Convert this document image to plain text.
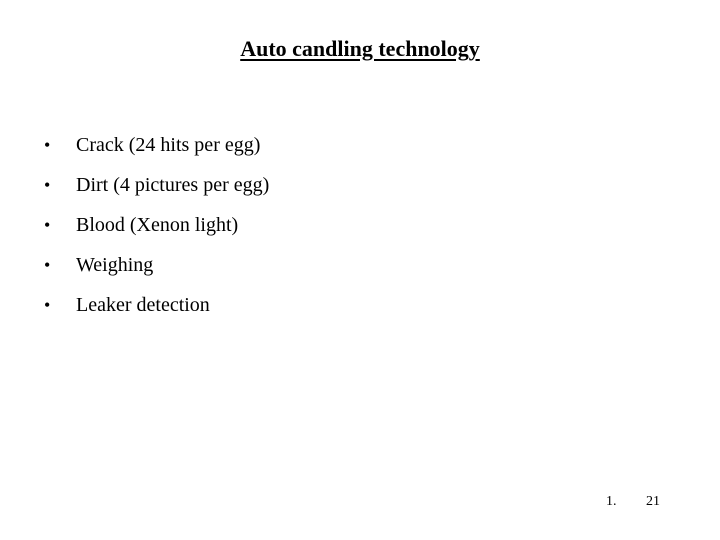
Auto candling technology
•	Crack (24 hits per egg)
•	Dirt (4 pictures per egg)
•	Blood (Xenon light)
•	Weighing
•	Leaker detection
1. 21
